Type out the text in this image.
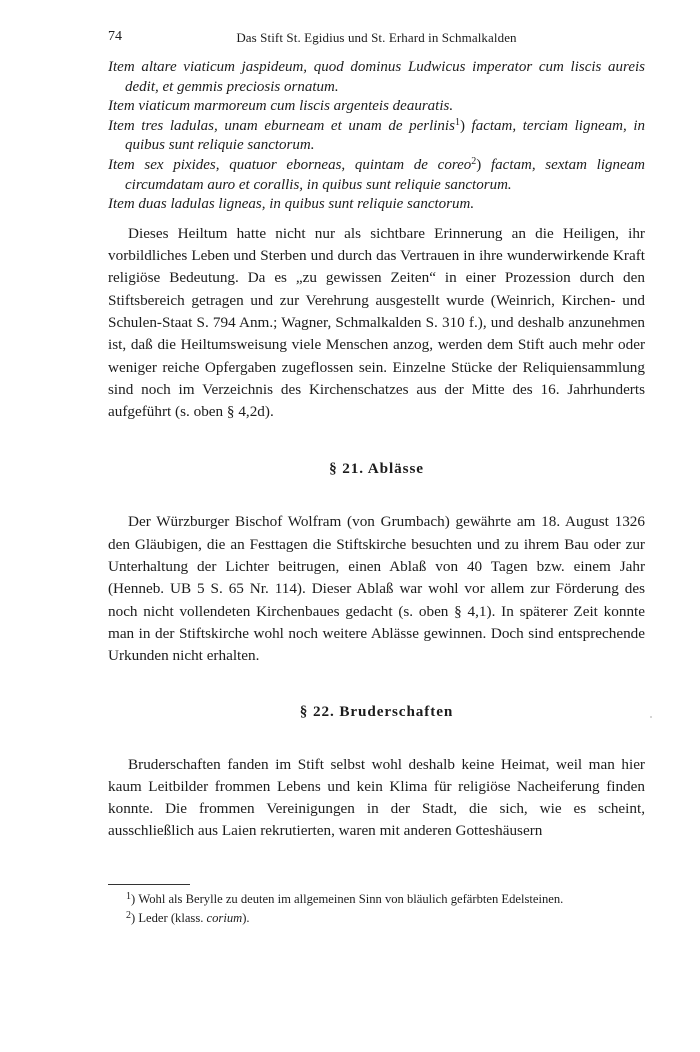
74	Das Stift St. Egidius und St. Erhard in Schmalkalden
Item altare viaticum jaspideum, quod dominus Ludwicus imperator cum liscis aureis dedit, et gemmis preciosis ornatum.
Item viaticum marmoreum cum liscis argenteis deauratis.
Item tres ladulas, unam eburneam et unam de perlinis$^1$) factam, terciam ligneam, in quibus sunt reliquie sanctorum.
Item sex pixides, quatuor eborneas, quintam de coreo$^2$) factam, sextam ligneam circumdatam auro et corallis, in quibus sunt reliquie sanctorum.
Item duas ladulas ligneas, in quibus sunt reliquie sanctorum.

Dieses Heiltum hatte nicht nur als sichtbare Erinnerung an die Heiligen, ihr vorbildliches Leben und Sterben und durch das Vertrauen in ihre wunderwirkende Kraft religiöse Bedeutung. Da es „zu gewissen Zeiten“ in einer Prozession durch den Stiftsbereich getragen und zur Verehrung ausgestellt wurde (Weinrich, Kirchen- und Schulen-Staat S. 794 Anm.; Wagner, Schmalkalden S. 310 f.), und deshalb anzunehmen ist, daß die Heiltumsweisung viele Menschen anzog, werden dem Stift auch mehr oder weniger reiche Opfergaben zugeflossen sein. Einzelne Stücke der Reliquiensammlung sind noch im Verzeichnis des Kirchenschatzes aus der Mitte des 16. Jahrhunderts aufgeführt (s. oben § 4,2d).

§ 21. Ablässe

Der Würzburger Bischof Wolfram (von Grumbach) gewährte am 18. August 1326 den Gläubigen, die an Festtagen die Stiftskirche besuchten und zu ihrem Bau oder zur Unterhaltung der Lichter beitrugen, einen Ablaß von 40 Tagen bzw. einem Jahr (Henneb. UB 5 S. 65 Nr. 114). Dieser Ablaß war wohl vor allem zur Förderung des noch nicht vollendeten Kirchenbaues gedacht (s. oben § 4,1). In späterer Zeit konnte man in der Stiftskirche wohl noch weitere Ablässe gewinnen. Doch sind entsprechende Urkunden nicht erhalten.

§ 22. Bruderschaften

Bruderschaften fanden im Stift selbst wohl deshalb keine Heimat, weil man hier kaum Leitbilder frommen Lebens und kein Klima für religiöse Nacheiferung finden konnte. Die frommen Vereinigungen in der Stadt, die sich, wie es scheint, ausschließlich aus Laien rekrutierten, waren mit anderen Gotteshäusern

$^1$) Wohl als Berylle zu deuten im allgemeinen Sinn von bläulich gefärbten Edelsteinen.

$^2$) Leder (klass. corium).
